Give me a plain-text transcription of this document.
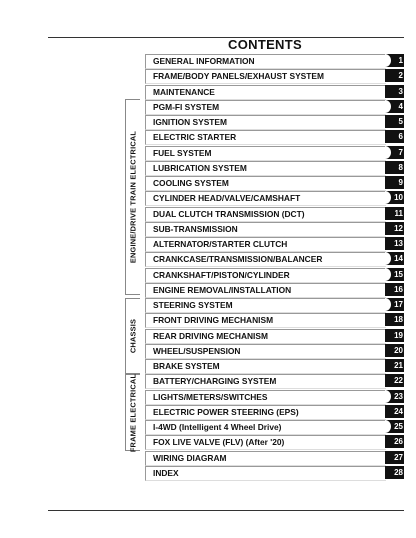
CONTENTS
GENERAL INFORMATION	1
FRAME/BODY PANELS/EXHAUST SYSTEM	2
MAINTENANCE	3
PGM-FI SYSTEM	4
IGNITION SYSTEM	5
ELECTRIC STARTER	6
FUEL SYSTEM	7
LUBRICATION SYSTEM	8
COOLING SYSTEM	9
CYLINDER HEAD/VALVE/CAMSHAFT	10
DUAL CLUTCH TRANSMISSION (DCT)	11
SUB-TRANSMISSION	12
ALTERNATOR/STARTER CLUTCH	13
CRANKCASE/TRANSMISSION/BALANCER	14
CRANKSHAFT/PISTON/CYLINDER	15
ENGINE REMOVAL/INSTALLATION	16
STEERING SYSTEM	17
FRONT DRIVING MECHANISM	18
REAR DRIVING MECHANISM	19
WHEEL/SUSPENSION	20
BRAKE SYSTEM	21
BATTERY/CHARGING SYSTEM	22
LIGHTS/METERS/SWITCHES	23
ELECTRIC POWER STEERING (EPS)	24
I-4WD (Intelligent 4 Wheel Drive)	25
FOX LIVE VALVE (FLV) (After '20)	26
WIRING DIAGRAM	27
INDEX	28
ENGINE/DRIVE TRAIN ELECTRICAL
CHASSIS
FRAME ELECTRICAL
